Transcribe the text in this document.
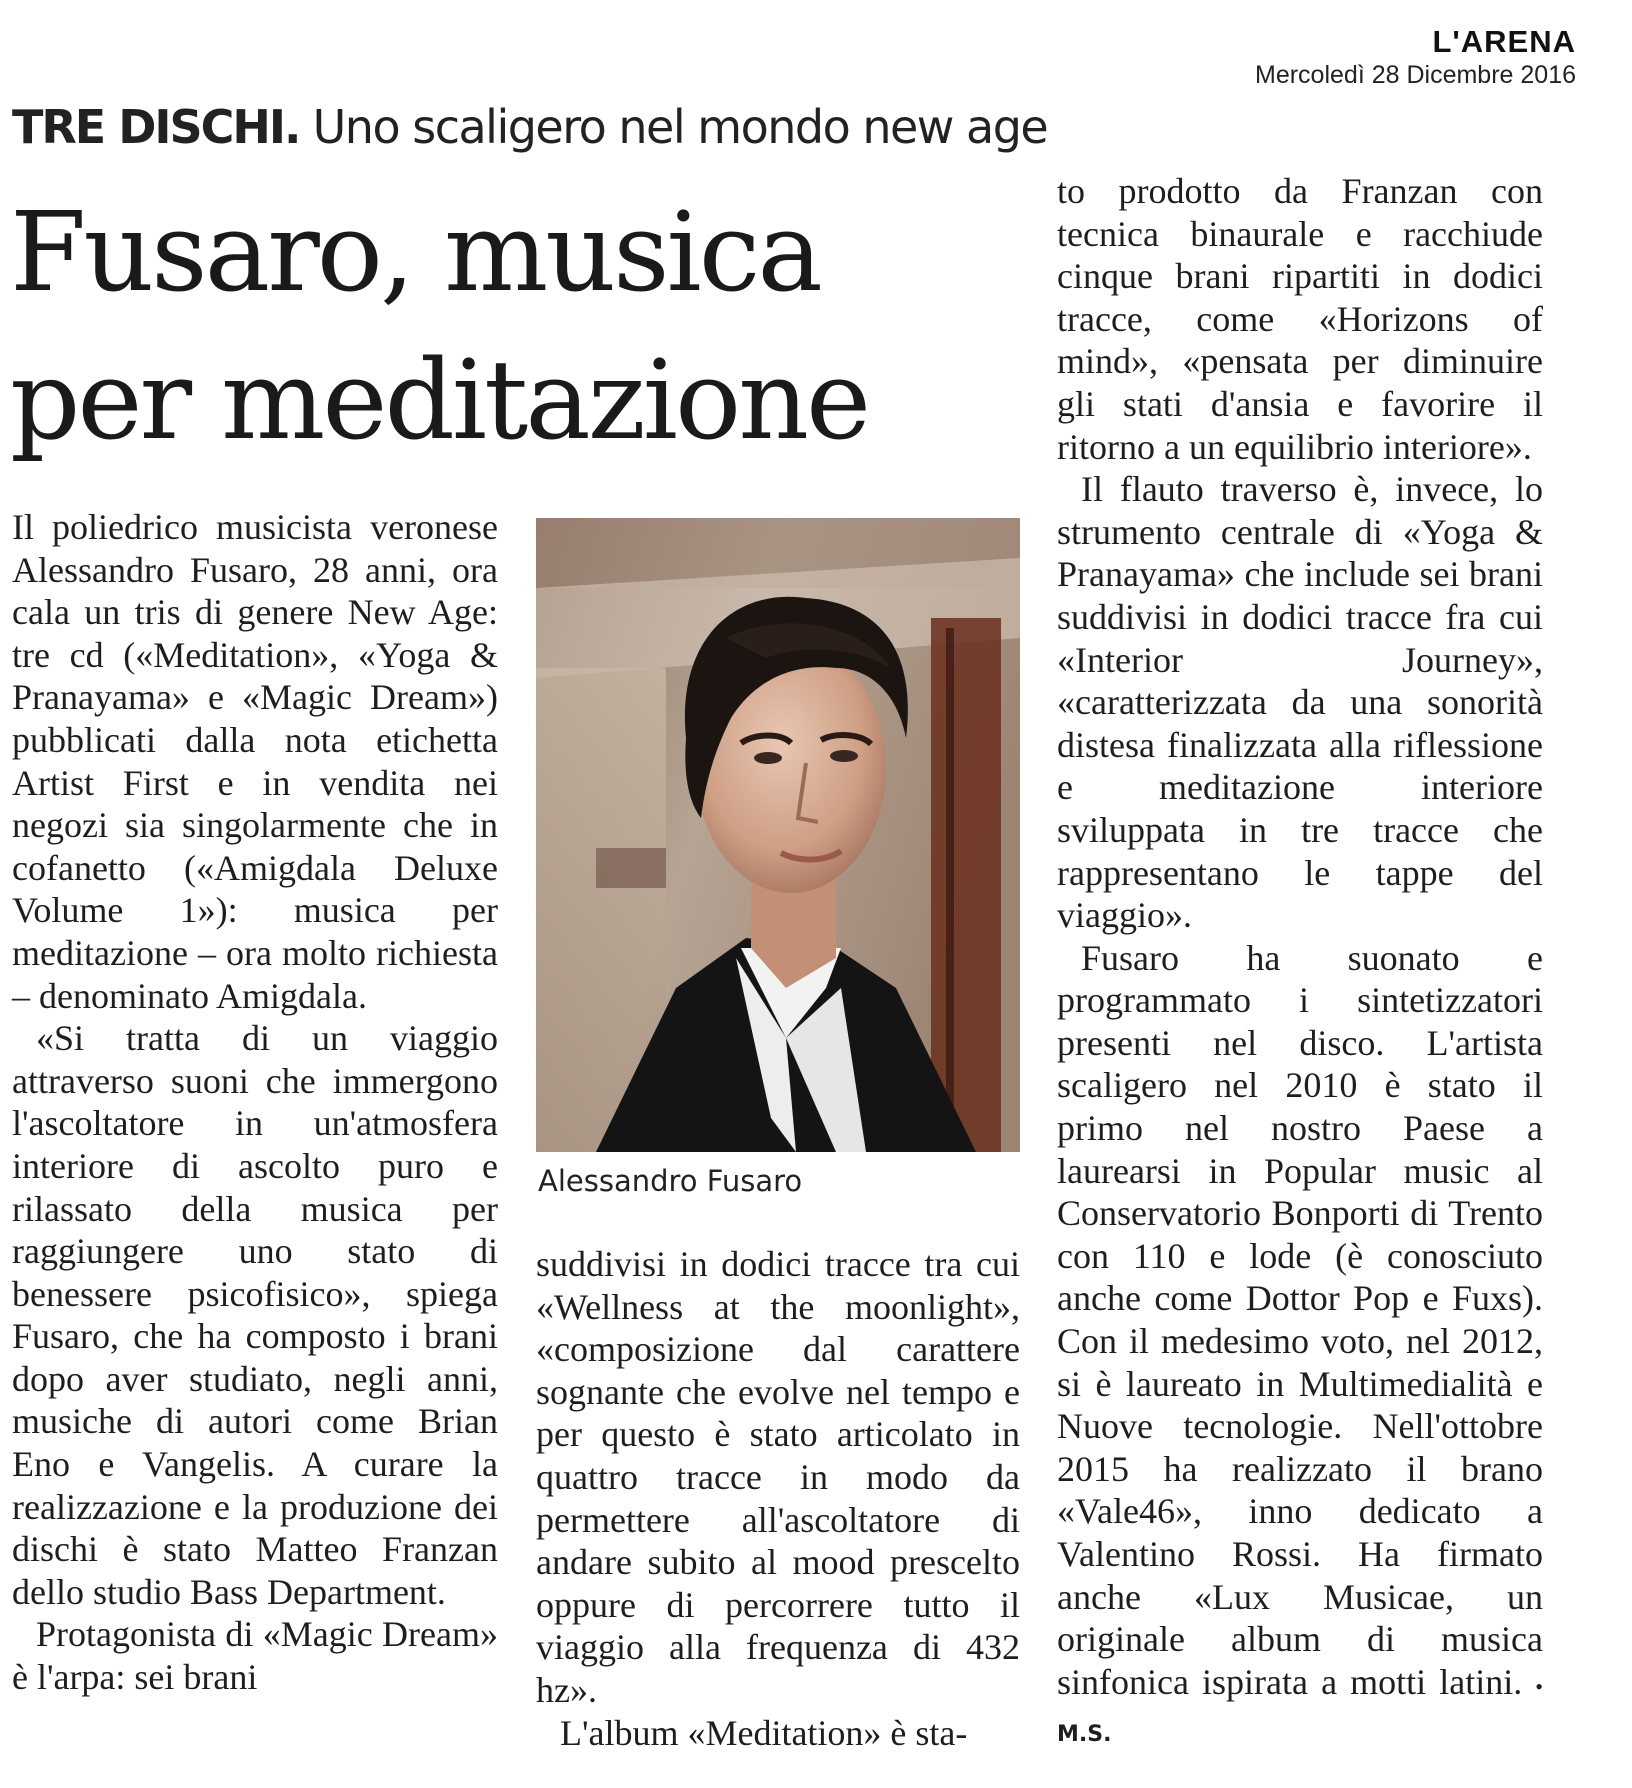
L'ARENA
Mercoledì 28 Dicembre 2016
TRE DISCHI. Uno scaligero nel mondo new age
Fusaro, musica
per meditazione

Il poliedrico musicista veronese Alessandro Fusaro, 28 anni, ora cala un tris di genere New Age: tre cd («Meditation», «Yoga & Pranayama» e «Magic Dream») pubblicati dalla nota etichetta Artist First e in vendita nei negozi sia singolarmente che in cofanetto («Amigdala Deluxe Volume 1»): musica per meditazione – ora molto richiesta – denominato Amigdala.

«Si tratta di un viaggio attraverso suoni che immergono l'ascoltatore in un'atmosfera interiore di ascolto puro e rilassato della musica per raggiungere uno stato di benessere psicofisico», spiega Fusaro, che ha composto i brani dopo aver studiato, negli anni, musiche di autori come Brian Eno e Vangelis. A curare la realizzazione e la produzione dei dischi è stato Matteo Franzan dello studio Bass Department.

Protagonista di «Magic Dream» è l'arpa: sei brani

Alessandro Fusaro

suddivisi in dodici tracce tra cui «Wellness at the moonlight», «composizione dal carattere sognante che evolve nel tempo e per questo è stato articolato in quattro tracce in modo da permettere all'ascoltatore di andare subito al mood prescelto oppure di percorrere tutto il viaggio alla frequenza di 432 hz».

L'album «Meditation» è sta-

to prodotto da Franzan con tecnica binaurale e racchiude cinque brani ripartiti in dodici tracce, come «Horizons of mind», «pensata per diminuire gli stati d'ansia e favorire il ritorno a un equilibrio interiore».

Il flauto traverso è, invece, lo strumento centrale di «Yoga & Pranayama» che include sei brani suddivisi in dodici tracce fra cui «Interior Journey», «caratterizzata da una sonorità distesa finalizzata alla riflessione e meditazione interiore sviluppata in tre tracce che rappresentano le tappe del viaggio».

Fusaro ha suonato e programmato i sintetizzatori presenti nel disco. L'artista scaligero nel 2010 è stato il primo nel nostro Paese a laurearsi in Popular music al Conservatorio Bonporti di Trento con 110 e lode (è conosciuto anche come Dottor Pop e Fuxs). Con il medesimo voto, nel 2012, si è laureato in Multimedialità e Nuove tecnologie. Nell'ottobre 2015 ha realizzato il brano «Vale46», inno dedicato a Valentino Rossi. Ha firmato anche «Lux Musicae, un originale album di musica sinfonica ispirata a motti latini. • M.S.
